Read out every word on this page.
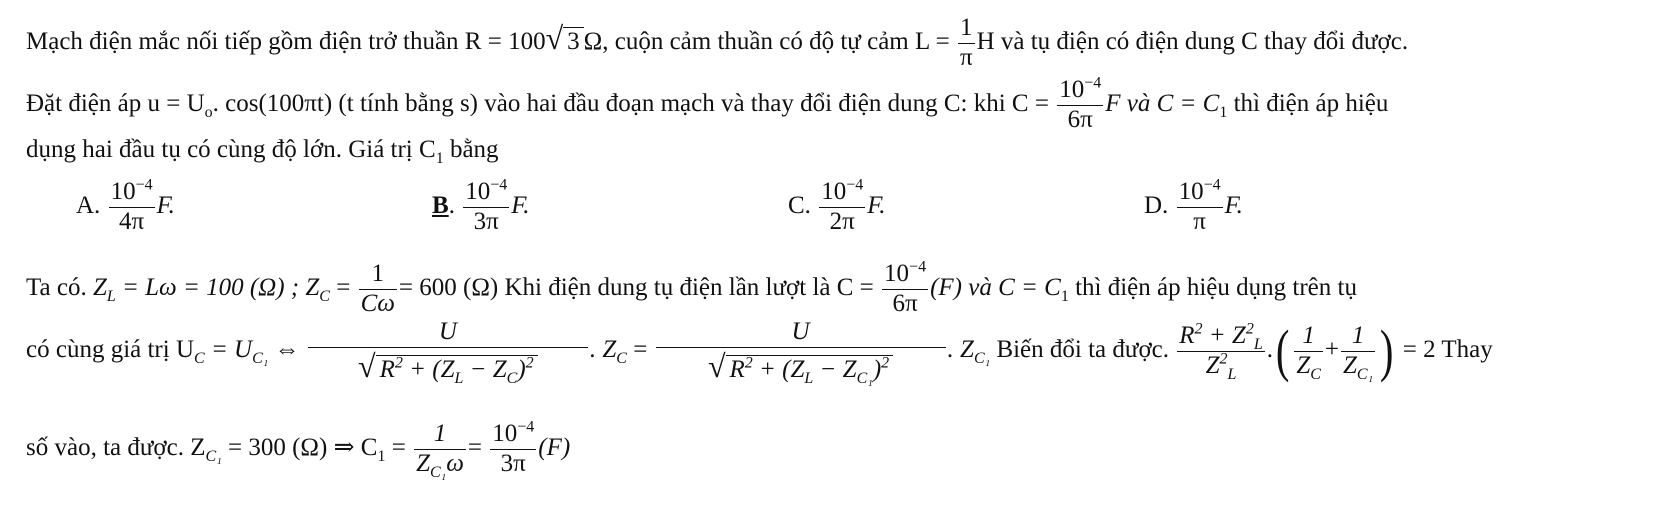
Mạch điện mắc nối tiếp gồm điện trở thuần R = 100√ 3 Ω, cuộn cảm thuần có độ tự cảm $L = \frac{1}{\pi}$ H và tụ điện có điện dung C thay đổi được.
Đặt điện áp $u = U_o$. cos(100πt) (t tính bằng s) vào hai đầu đoạn mạch và thay đổi điện dung C: khi $C = \frac{10^{-4}}{6\pi}$ F và $C = C_1$ thì điện áp hiệu
dụng hai đầu tụ có cùng độ lớn. Giá trị $C_1$ bằng
A. $\frac{10^{-4}}{4\pi} F$.	B. $\frac{10^{-4}}{3\pi} F$.	C. $\frac{10^{-4}}{2\pi} F$.	D. $\frac{10^{-4}}{\pi} F$.
Ta có. $Z_L = L\omega = 100$ (Ω) ; $Z_C = \frac{1}{C\omega} = 600$ (Ω) Khi điện dung tụ điện lần lượt là $C = \frac{10^{-4}}{6\pi} (F)$ và $C = C_1$ thì điện áp hiệu dụng trên tụ
có cùng giá trị $U_C = U_{C_1}$ ⇔ $\frac{U}{√ R^2 + (Z_L - Z_C)^2}$ . $Z_C = \frac{U}{√ R^2 + (Z_L - Z_{C_1})^2}$ . $Z_{C_1}$ Biến đổi ta được. $\frac{R^2 + Z^2_L}{Z^2_L}$ .( $\frac{1}{Z_C} + \frac{1}{Z_{C_1}}$ ) = 2 Thay
số vào, ta được. $Z_{C_1} = 300$ (Ω) ⇒ $C_1 = \frac{1}{Z_{C_1}\omega} = \frac{10^{-4}}{3\pi} (F)$
